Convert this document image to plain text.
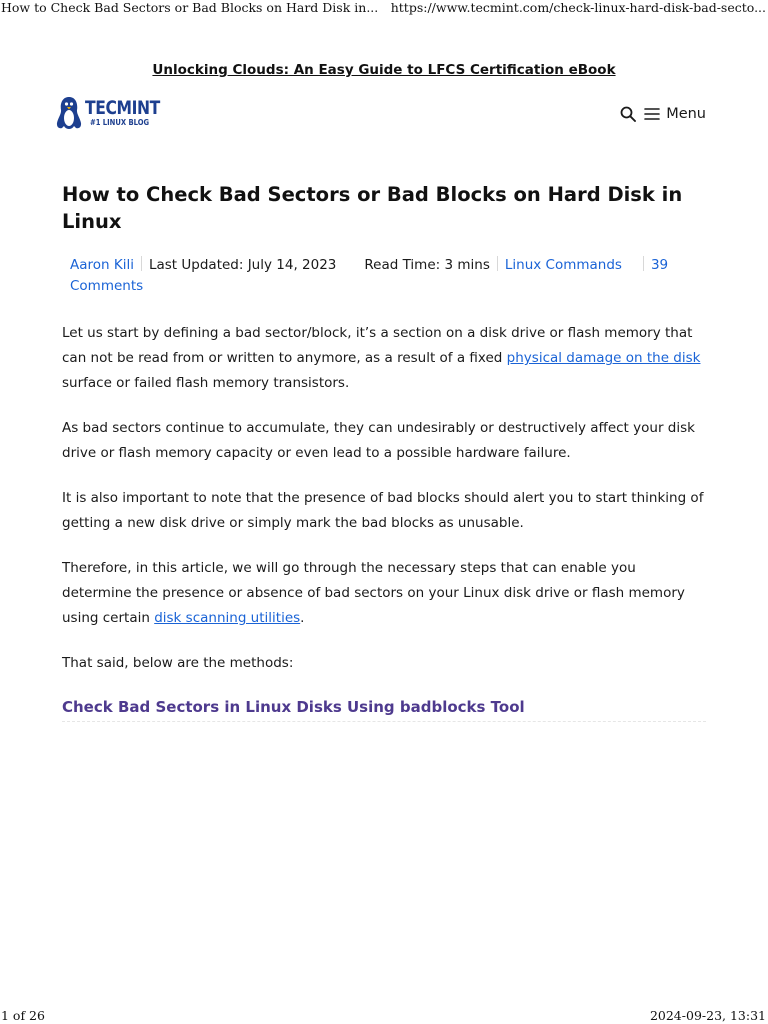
How to Check Bad Sectors or Bad Blocks on Hard Disk in... https://www.tecmint.com/check-linux-hard-disk-bad-secto...
Unlocking Clouds: An Easy Guide to LFCS Certification eBook
TECMINT
#1 LINUX BLOG
Menu
How to Check Bad Sectors or Bad Blocks on Hard Disk in Linux
Aaron Kili Last Updated: July 14, 2023 Read Time: 3 mins Linux Commands 39 Comments

Let us start by defining a bad sector/block, it’s a section on a disk drive or flash memory that can not be read from or written to anymore, as a result of a fixed physical damage on the disk surface or failed flash memory transistors.

As bad sectors continue to accumulate, they can undesirably or destructively affect your disk drive or flash memory capacity or even lead to a possible hardware failure.

It is also important to note that the presence of bad blocks should alert you to start thinking of getting a new disk drive or simply mark the bad blocks as unusable.

Therefore, in this article, we will go through the necessary steps that can enable you determine the presence or absence of bad sectors on your Linux disk drive or flash memory using certain disk scanning utilities.

That said, below are the methods:

Check Bad Sectors in Linux Disks Using badblocks Tool
1 of 26	2024-09-23, 13:31
